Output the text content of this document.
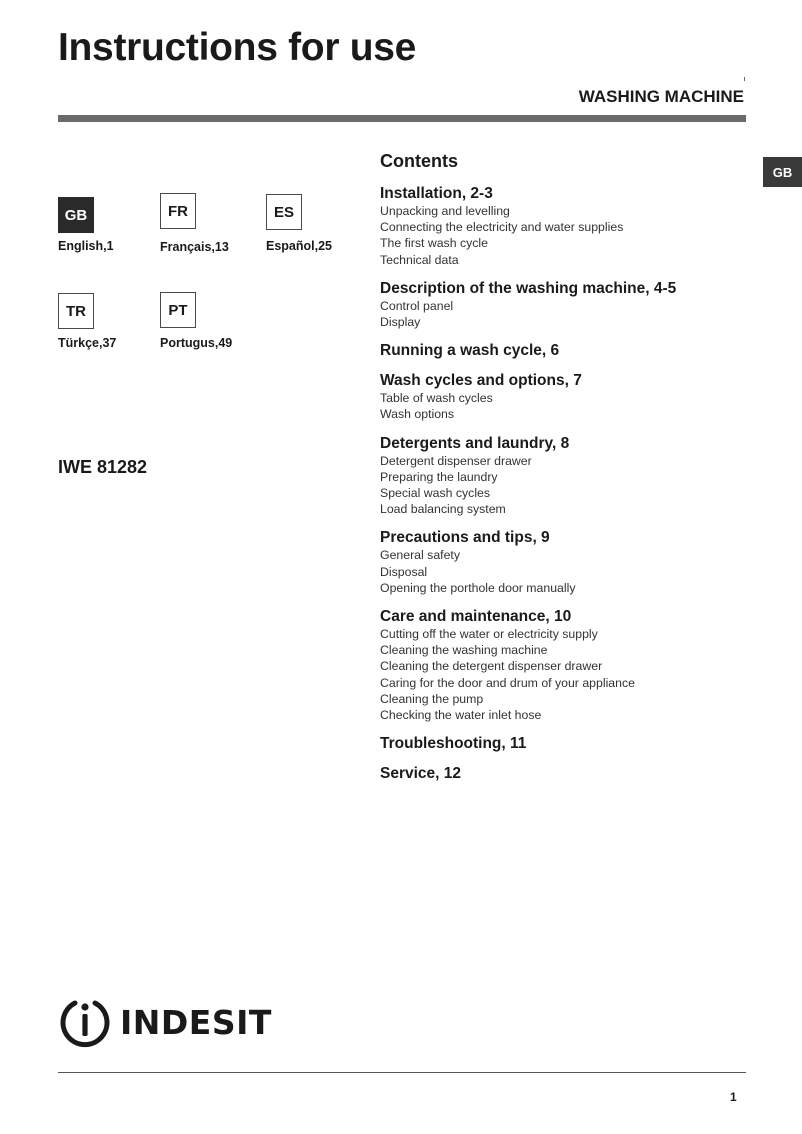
Instructions for use
WASHING MACHINE
GB
GB
English,1
FR
Français,13
ES
Español,25
TR
Türkçe,37
PT
Portugus,49
IWE 81282
Contents
Installation, 2-3
Unpacking and levelling
Connecting the electricity and water supplies
The first wash cycle
Technical data
Description of the washing machine, 4-5
Control panel
Display
Running a wash cycle, 6
Wash cycles and options, 7
Table of wash cycles
Wash options
Detergents and laundry, 8
Detergent dispenser drawer
Preparing the laundry
Special wash cycles
Load balancing system
Precautions and tips, 9
General safety
Disposal
Opening the porthole door manually
Care and maintenance, 10
Cutting off the water or electricity supply
Cleaning the washing machine
Cleaning the detergent dispenser drawer
Caring for the door and drum of your appliance
Cleaning the pump
Checking the water inlet hose
Troubleshooting, 11
Service, 12
INDESIT
1
